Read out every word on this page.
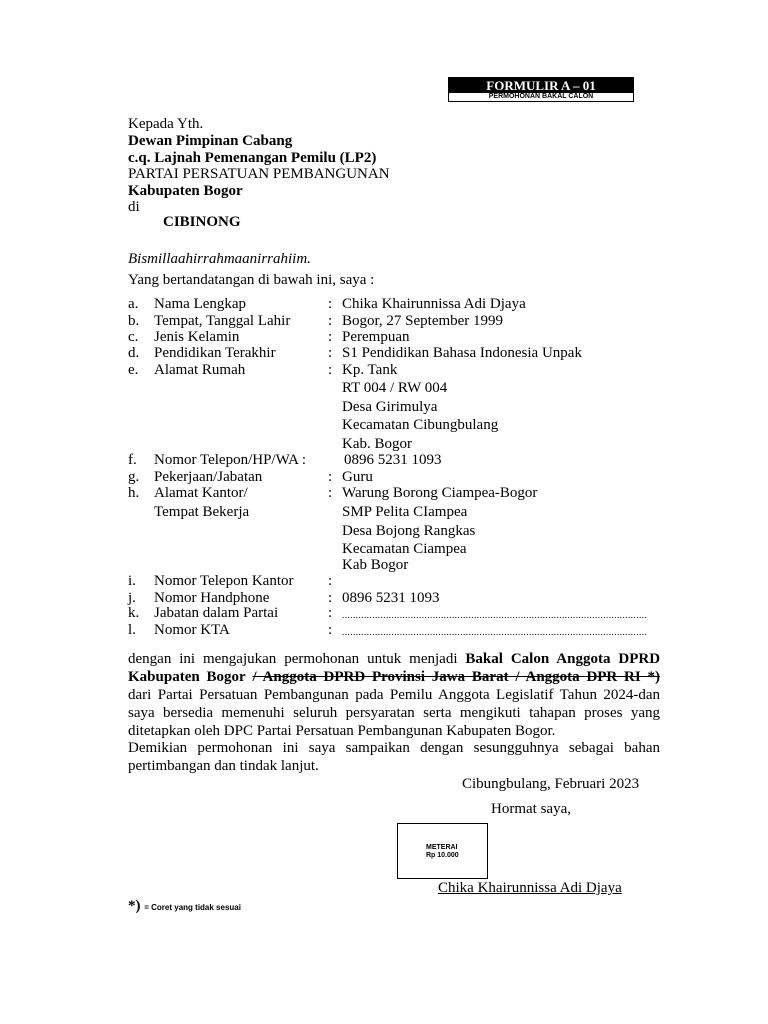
FORMULIR A – 01
PERMOHONAN BAKAL CALON
Kepada Yth.
Dewan Pimpinan Cabang
c.q. Lajnah Pemenangan Pemilu (LP2)
PARTAI PERSATUAN PEMBANGUNAN
Kabupaten Bogor
di
CIBINONG
Bismillaahirrahmaanirrahiim.
Yang bertandatangan di bawah ini, saya :
a. Nama Lengkap	: Chika Khairunnissa Adi Djaya
b. Tempat, Tanggal Lahir	: Bogor, 27 September 1999
c. Jenis Kelamin	: Perempuan
d. Pendidikan Terakhir	: S1 Pendidikan Bahasa Indonesia Unpak
e. Alamat Rumah	: Kp. Tank
RT 004 / RW 004
Desa Girimulya
Kecamatan Cibungbulang
Kab. Bogor
f. Nomor Telepon/HP/WA :	0896 5231 1093
g. Pekerjaan/Jabatan	: Guru
h. Alamat Kantor/	: Warung Borong Ciampea-Bogor
Tempat Bekerja	SMP Pelita CIampea
Desa Bojong Rangkas
Kecamatan Ciampea
Kab Bogor
i. Nomor Telepon Kantor :
j. Nomor Handphone	: 0896 5231 1093
k. Jabatan dalam Partai	: ...............................................................................................................
l. Nomor KTA	: ...............................................................................................................
dengan ini mengajukan permohonan untuk menjadi Bakal Calon Anggota DPRD
Kabupaten Bogor / Anggota DPRD Provinsi Jawa Barat / Anggota DPR RI *)
dari Partai Persatuan Pembangunan pada Pemilu Anggota Legislatif Tahun 2024-dan
saya bersedia memenuhi seluruh persyaratan serta mengikuti tahapan proses yang
ditetapkan oleh DPC Partai Persatuan Pembangunan Kabupaten Bogor.
Demikian permohonan ini saya sampaikan dengan sesungguhnya sebagai bahan
pertimbangan dan tindak lanjut.
Cibungbulang, Februari 2023
Hormat saya,
METERAI
Rp 10.000
Chika Khairunnissa Adi Djaya
*) = Coret yang tidak sesuai
